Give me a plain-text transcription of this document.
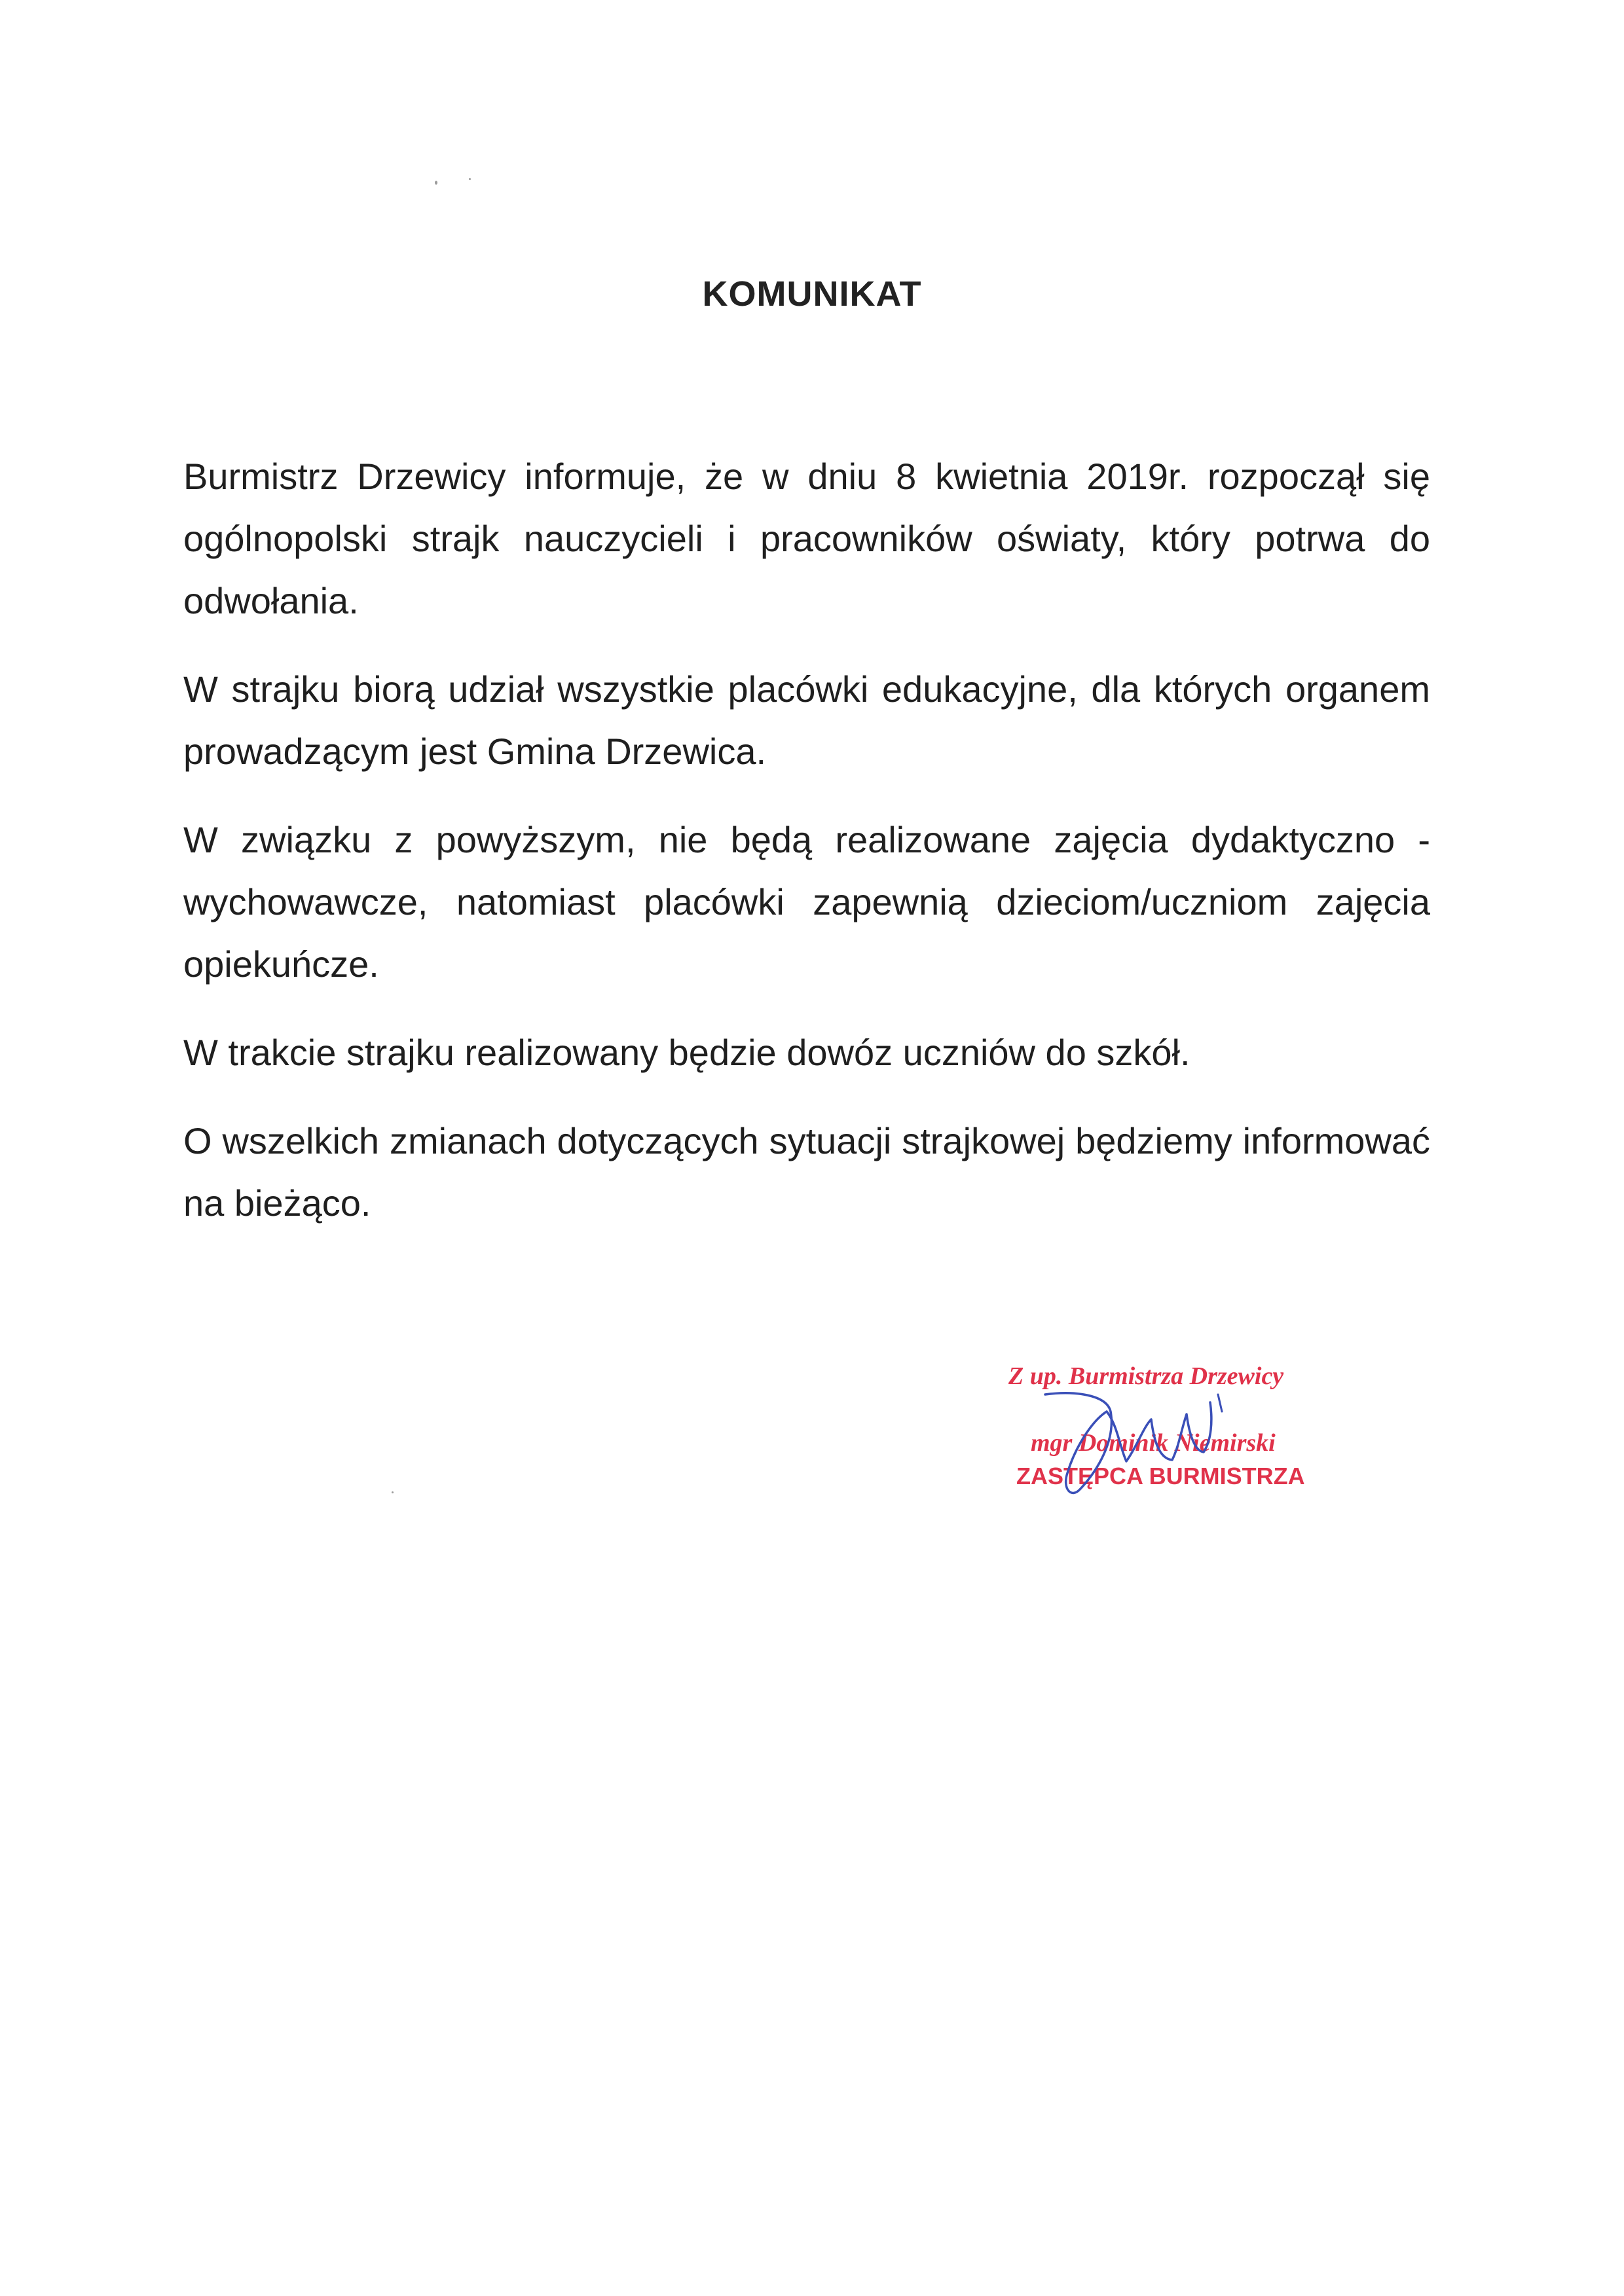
KOMUNIKAT

Burmistrz Drzewicy informuje, że w dniu 8 kwietnia 2019r. rozpoczął się ogólnopolski strajk nauczycieli i pracowników oświaty, który potrwa do odwołania.

W strajku biorą udział wszystkie placówki edukacyjne, dla których organem prowadzącym jest Gmina Drzewica.

W związku z powyższym, nie będą realizowane zajęcia dydaktyczno - wychowawcze, natomiast placówki zapewnią dzieciom/uczniom zajęcia opiekuńcze.

W trakcie strajku realizowany będzie dowóz uczniów do szkół.

O wszelkich zmianach dotyczących sytuacji strajkowej będziemy informować na bieżąco.

Z up. Burmistrza Drzewicy
mgr Dominik Niemirski
ZASTĘPCA BURMISTRZA
